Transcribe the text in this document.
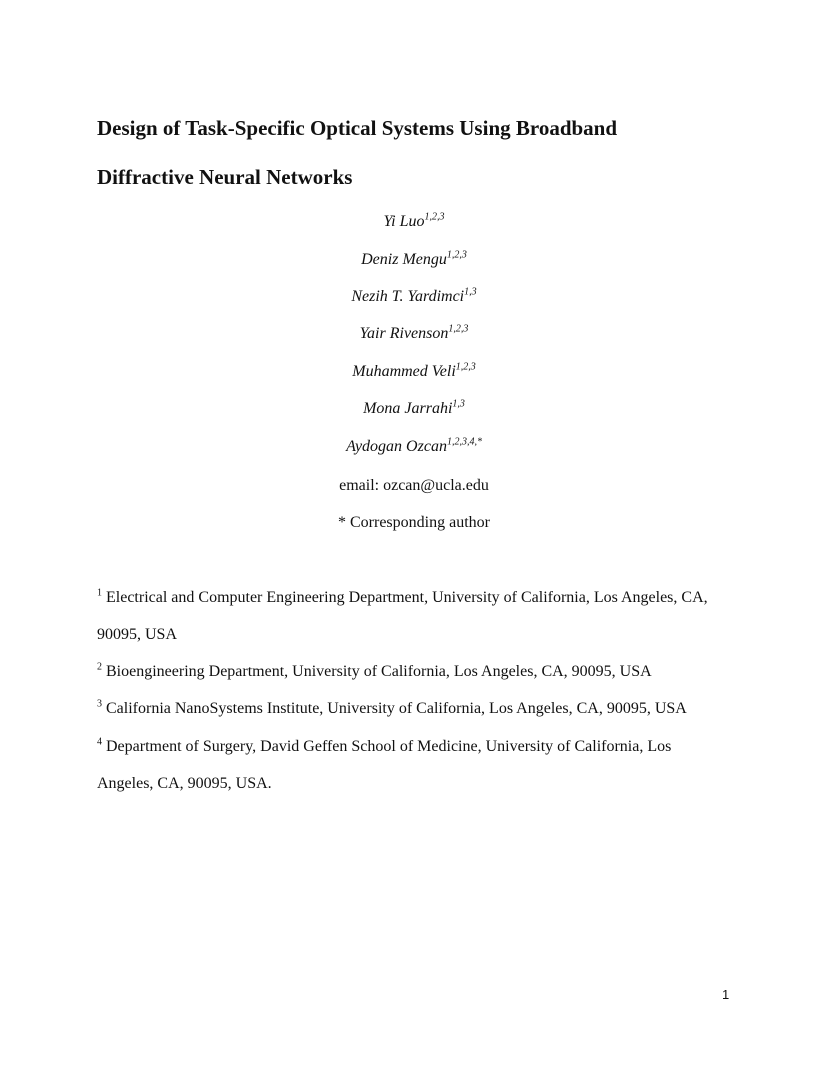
Design of Task-Specific Optical Systems Using Broadband
Diffractive Neural Networks
Yi Luo$^{1,2,3}$
Deniz Mengu$^{1,2,3}$
Nezih T. Yardimci$^{1,3}$
Yair Rivenson$^{1,2,3}$
Muhammed Veli$^{1,2,3}$
Mona Jarrahi$^{1,3}$
Aydogan Ozcan$^{1,2,3,4,*}$
email: ozcan@ucla.edu
* Corresponding author
$^1$ Electrical and Computer Engineering Department, University of California, Los Angeles, CA,
90095, USA
$^2$ Bioengineering Department, University of California, Los Angeles, CA, 90095, USA
$^3$ California NanoSystems Institute, University of California, Los Angeles, CA, 90095, USA
$^4$ Department of Surgery, David Geffen School of Medicine, University of California, Los
Angeles, CA, 90095, USA.
1
